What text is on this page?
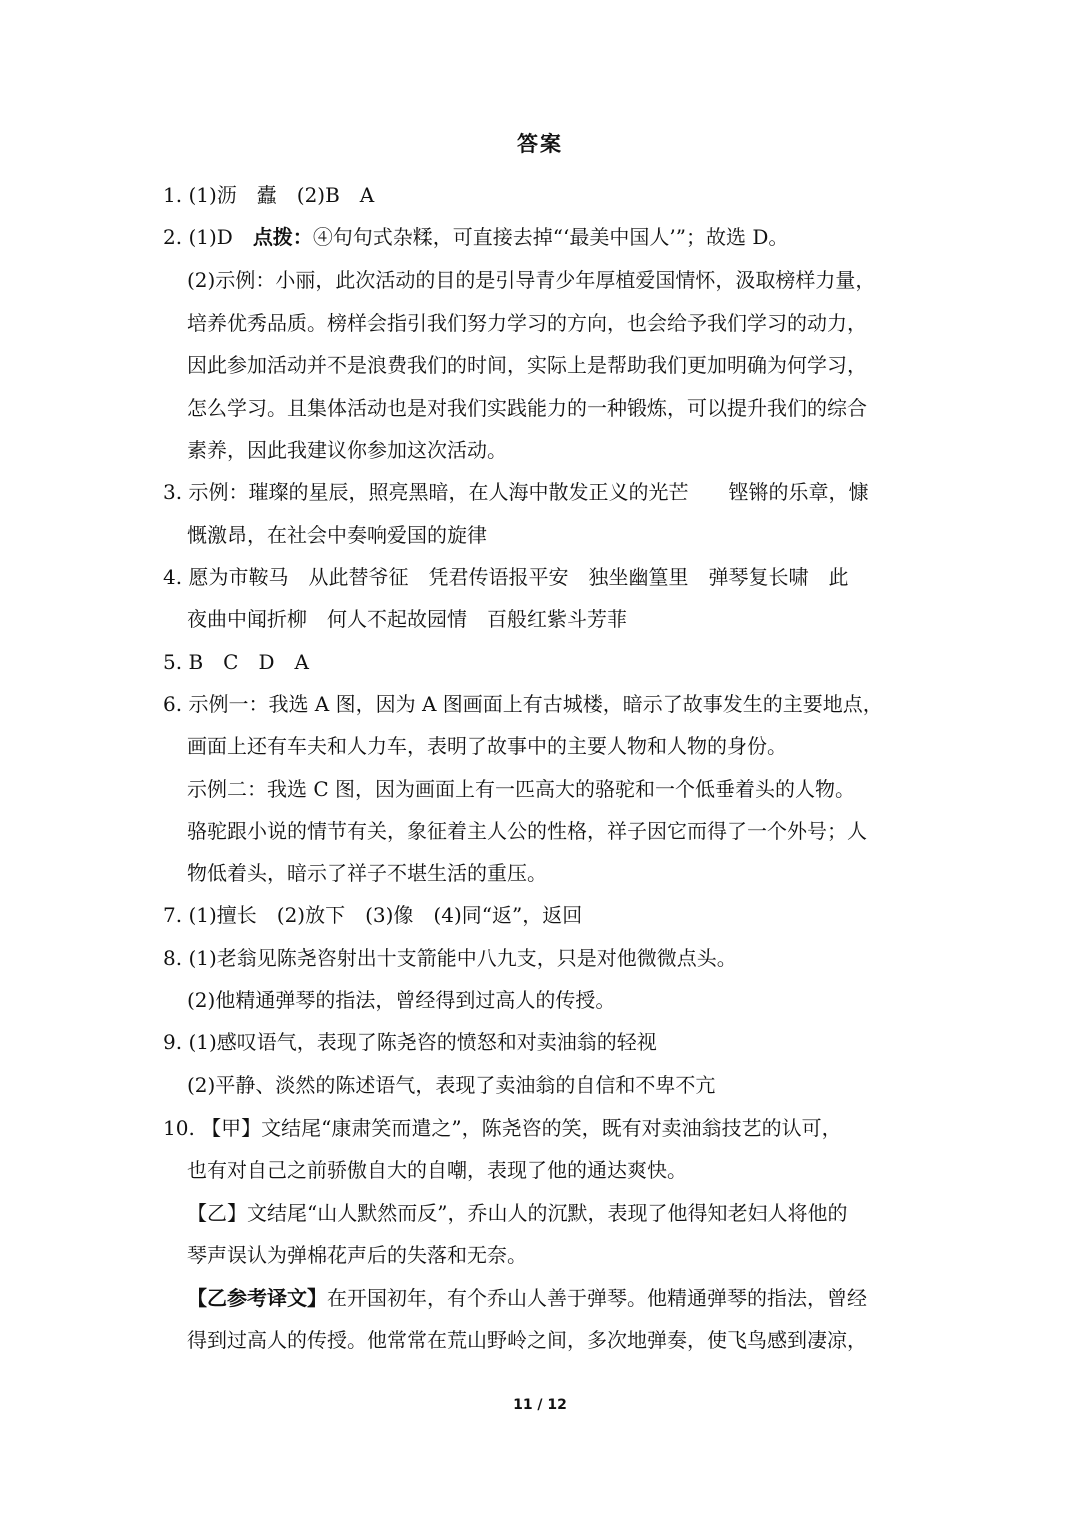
答案
1. (1)沥　蠹　(2)B　A
2. (1)D　点拨：④句句式杂糅，可直接去掉“‘最美中国人’”；故选 D。
(2)示例：小丽，此次活动的目的是引导青少年厚植爱国情怀，汲取榜样力量，
培养优秀品质。榜样会指引我们努力学习的方向，也会给予我们学习的动力，
因此参加活动并不是浪费我们的时间，实际上是帮助我们更加明确为何学习，
怎么学习。且集体活动也是对我们实践能力的一种锻炼，可以提升我们的综合
素养，因此我建议你参加这次活动。
3. 示例：璀璨的星辰，照亮黑暗，在人海中散发正义的光芒　　铿锵的乐章，慷
慨激昂，在社会中奏响爱国的旋律
4. 愿为市鞍马　从此替爷征　凭君传语报平安　独坐幽篁里　弹琴复长啸　此
夜曲中闻折柳　何人不起故园情　百般红紫斗芳菲
5. B　C　D　A
6. 示例一：我选 A 图，因为 A 图画面上有古城楼，暗示了故事发生的主要地点，
画面上还有车夫和人力车，表明了故事中的主要人物和人物的身份。
示例二：我选 C 图，因为画面上有一匹高大的骆驼和一个低垂着头的人物。
骆驼跟小说的情节有关，象征着主人公的性格，祥子因它而得了一个外号；人
物低着头，暗示了祥子不堪生活的重压。
7. (1)擅长　(2)放下　(3)像　(4)同“返”，返回
8. (1)老翁见陈尧咨射出十支箭能中八九支，只是对他微微点头。
(2)他精通弹琴的指法，曾经得到过高人的传授。
9. (1)感叹语气，表现了陈尧咨的愤怒和对卖油翁的轻视
(2)平静、淡然的陈述语气，表现了卖油翁的自信和不卑不亢
10. 【甲】文结尾“康肃笑而遣之”，陈尧咨的笑，既有对卖油翁技艺的认可，
也有对自己之前骄傲自大的自嘲，表现了他的通达爽快。
【乙】文结尾“山人默然而反”，乔山人的沉默，表现了他得知老妇人将他的
琴声误认为弹棉花声后的失落和无奈。
【乙参考译文】在开国初年，有个乔山人善于弹琴。他精通弹琴的指法，曾经
得到过高人的传授。他常常在荒山野岭之间，多次地弹奏，使飞鸟感到凄凉，
11 / 12
